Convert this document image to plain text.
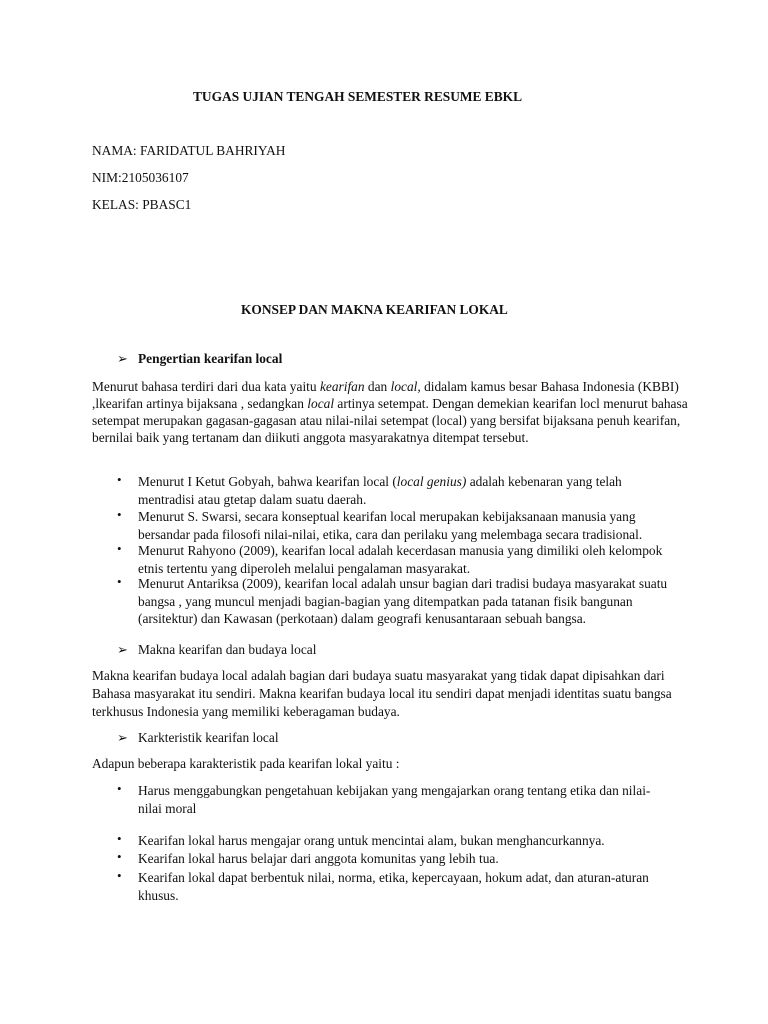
TUGAS UJIAN TENGAH SEMESTER RESUME EBKL

NAMA: FARIDATUL BAHRIYAH

NIM:2105036107

KELAS: PBASC1

KONSEP DAN MAKNA KEARIFAN LOKAL

➢ Pengertian kearifan local

Menurut bahasa terdiri dari dua kata yaitu kearifan dan local, didalam kamus besar Bahasa Indonesia (KBBI) ,lkearifan artinya bijaksana , sedangkan local artinya setempat. Dengan demekian kearifan locl menurut bahasa setempat merupakan gagasan-gagasan atau nilai-nilai setempat (local) yang bersifat bijaksana penuh kearifan, bernilai baik yang tertanam dan diikuti anggota masyarakatnya ditempat tersebut.

• Menurut I Ketut Gobyah, bahwa kearifan local (local genius) adalah kebenaran yang telah mentradisi atau gtetap dalam suatu daerah.
• Menurut S. Swarsi, secara konseptual kearifan local merupakan kebijaksanaan manusia yang bersandar pada filosofi nilai-nilai, etika, cara dan perilaku yang melembaga secara tradisional.
• Menurut Rahyono (2009), kearifan local adalah kecerdasan manusia yang dimiliki oleh kelompok etnis tertentu yang diperoleh melalui pengalaman masyarakat.
• Menurut Antariksa (2009), kearifan local adalah unsur bagian dari tradisi budaya masyarakat suatu bangsa , yang muncul menjadi bagian-bagian yang ditempatkan pada tatanan fisik bangunan (arsitektur) dan Kawasan (perkotaan) dalam geografi kenusantaraan sebuah bangsa.
➢ Makna kearifan dan budaya local

Makna kearifan budaya local adalah bagian dari budaya suatu masyarakat yang tidak dapat dipisahkan dari Bahasa masyarakat itu sendiri. Makna kearifan budaya local itu sendiri dapat menjadi identitas suatu bangsa terkhusus Indonesia yang memiliki keberagaman budaya.

➢ Karkteristik kearifan local

Adapun beberapa karakteristik pada kearifan lokal yaitu :

• Harus menggabungkan pengetahuan kebijakan yang mengajarkan orang tentang etika dan nilai-nilai moral
• Kearifan lokal harus mengajar orang untuk mencintai alam, bukan menghancurkannya.
• Kearifan lokal harus belajar dari anggota komunitas yang lebih tua.
• Kearifan lokal dapat berbentuk nilai, norma, etika, kepercayaan, hokum adat, dan aturan-aturan khusus.
